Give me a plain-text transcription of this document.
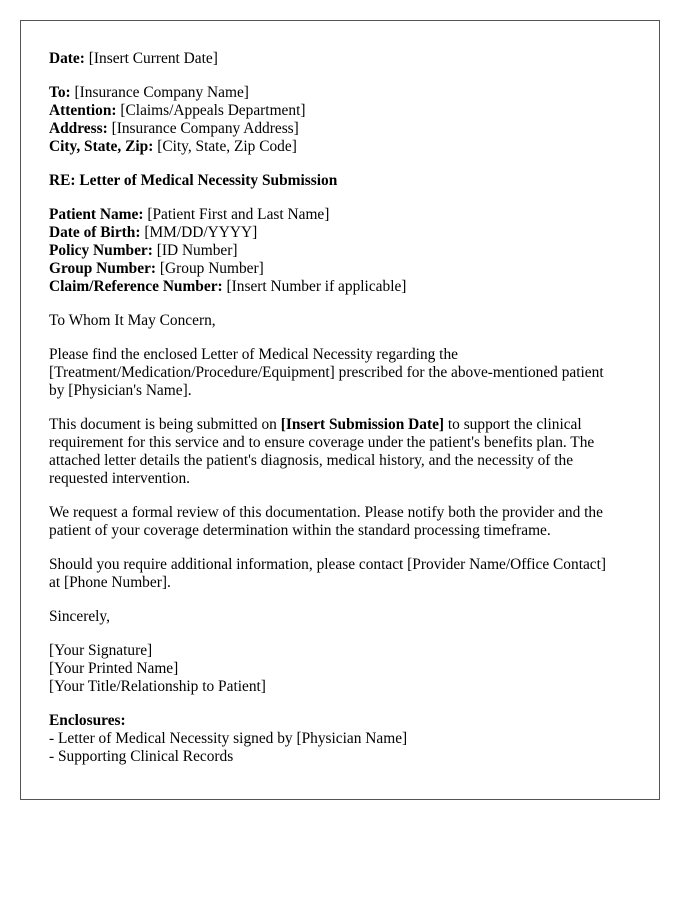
Date: [Insert Current Date]

To: [Insurance Company Name]
Attention: [Claims/Appeals Department]
Address: [Insurance Company Address]
City, State, Zip: [City, State, Zip Code]

RE: Letter of Medical Necessity Submission

Patient Name: [Patient First and Last Name]
Date of Birth: [MM/DD/YYYY]
Policy Number: [ID Number]
Group Number: [Group Number]
Claim/Reference Number: [Insert Number if applicable]

To Whom It May Concern,

Please find the enclosed Letter of Medical Necessity regarding the
[Treatment/Medication/Procedure/Equipment] prescribed for the above-mentioned patient
by [Physician's Name].

This document is being submitted on [Insert Submission Date] to support the clinical
requirement for this service and to ensure coverage under the patient's benefits plan. The
attached letter details the patient's diagnosis, medical history, and the necessity of the
requested intervention.

We request a formal review of this documentation. Please notify both the provider and the
patient of your coverage determination within the standard processing timeframe.

Should you require additional information, please contact [Provider Name/Office Contact]
at [Phone Number].

Sincerely,

[Your Signature]
[Your Printed Name]
[Your Title/Relationship to Patient]

Enclosures:
- Letter of Medical Necessity signed by [Physician Name]
- Supporting Clinical Records
